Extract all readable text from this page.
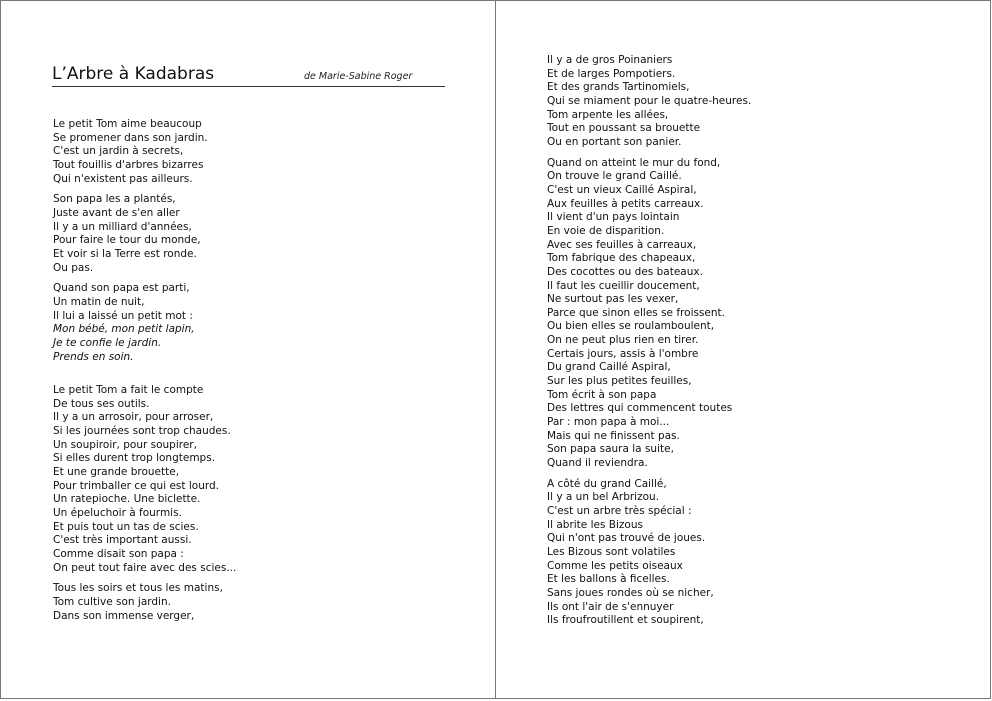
L’Arbre à Kadabras	de Marie-Sabine Roger
Le petit Tom aime beaucoup
Se promener dans son jardin.
C'est un jardin à secrets,
Tout fouillis d'arbres bizarres
Qui n'existent pas ailleurs.
Son papa les a plantés,
Juste avant de s'en aller
Il y a un milliard d'années,
Pour faire le tour du monde,
Et voir si la Terre est ronde.
Ou pas.
Quand son papa est parti,
Un matin de nuit,
Il lui a laissé un petit mot :
Mon bébé, mon petit lapin,
Je te confie le jardin.
Prends en soin.
Le petit Tom a fait le compte
De tous ses outils.
Il y a un arrosoir, pour arroser,
Si les journées sont trop chaudes.
Un soupiroir, pour soupirer,
Si elles durent trop longtemps.
Et une grande brouette,
Pour trimballer ce qui est lourd.
Un ratepioche. Une biclette.
Un épeluchoir à fourmis.
Et puis tout un tas de scies.
C'est très important aussi.
Comme disait son papa :
On peut tout faire avec des scies...
Tous les soirs et tous les matins,
Tom cultive son jardin.
Dans son immense verger,
Il y a de gros Poinaniers
Et de larges Pompotiers.
Et des grands Tartinomiels,
Qui se miament pour le quatre-heures.
Tom arpente les allées,
Tout en poussant sa brouette
Ou en portant son panier.
Quand on atteint le mur du fond,
On trouve le grand Caillé.
C'est un vieux Caillé Aspiral,
Aux feuilles à petits carreaux.
Il vient d'un pays lointain
En voie de disparition.
Avec ses feuilles à carreaux,
Tom fabrique des chapeaux,
Des cocottes ou des bateaux.
Il faut les cueillir doucement,
Ne surtout pas les vexer,
Parce que sinon elles se froissent.
Ou bien elles se roulamboulent,
On ne peut plus rien en tirer.
Certais jours, assis à l'ombre
Du grand Caillé Aspiral,
Sur les plus petites feuilles,
Tom écrit à son papa
Des lettres qui commencent toutes
Par : mon papa à moi...
Mais qui ne finissent pas.
Son papa saura la suite,
Quand il reviendra.
A côté du grand Caillé,
Il y a un bel Arbrizou.
C'est un arbre très spécial :
Il abrite les Bizous
Qui n'ont pas trouvé de joues.
Les Bizous sont volatiles
Comme les petits oiseaux
Et les ballons à ficelles.
Sans joues rondes où se nicher,
Ils ont l'air de s'ennuyer
Ils froufroutillent et soupirent,
